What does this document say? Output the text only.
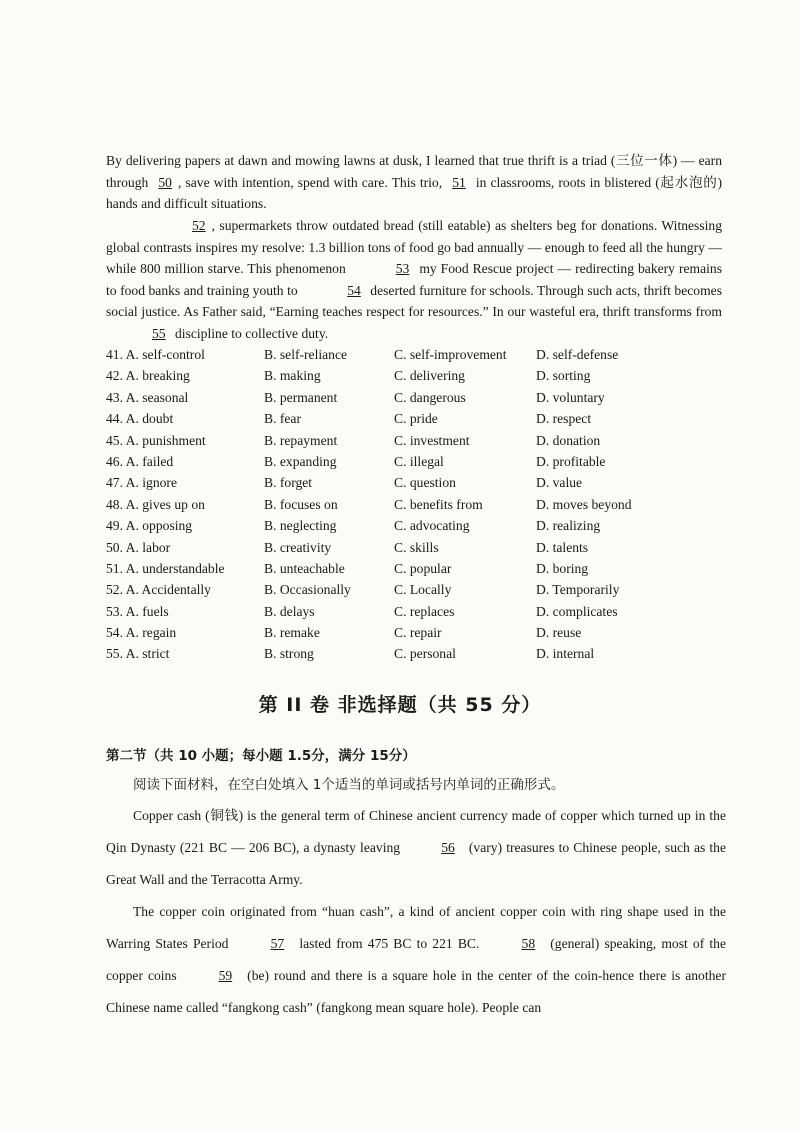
By delivering papers at dawn and mowing lawns at dusk, I learned that true thrift is a triad (三位一体) — earn through 50 , save with intention, spend with care. This trio, 51 in classrooms, roots in blistered (起水泡的) hands and difficult situations.
52 , supermarkets throw outdated bread (still eatable) as shelters beg for donations. Witnessing global contrasts inspires my resolve: 1.3 billion tons of food go bad annually — enough to feed all the hungry — while 800 million starve. This phenomenon	53 my Food Rescue project — redirecting bakery remains to food banks and training youth to	54 deserted furniture for schools. Through such acts, thrift becomes social justice. As Father said, “Earning teaches respect for resources.” In our wasteful era, thrift transforms from 55 discipline to collective duty.
41. A. self-control	B. self-reliance	C. self-improvement D. self-defense
42. A. breaking	B. making	C. delivering	D. sorting
43. A. seasonal	B. permanent	C. dangerous	D. voluntary
44. A. doubt	B. fear	C. pride	D. respect
45. A. punishment	B. repayment	C. investment	D. donation
46. A. failed	B. expanding	C. illegal	D. profitable
47. A. ignore	B. forget	C. question	D. value
48. A. gives up on	B. focuses on	C. benefits from	D. moves beyond
49. A. opposing	B. neglecting	C. advocating	D. realizing
50. A. labor	B. creativity	C. skills	D. talents
51. A. understandable	B. unteachable	C. popular	D. boring
52. A. Accidentally	B. Occasionally	C. Locally	D. Temporarily
53. A. fuels	B. delays	C. replaces	D. complicates
54. A. regain	B. remake	C. repair	D. reuse
55. A. strict	B. strong	C. personal	D. internal
第 II 卷 非选择题（共 55 分）
第二节（共 10 小题；每小题 1.5分，满分 15分）
阅读下面材料，在空白处填入 1个适当的单词或括号内单词的正确形式。
Copper cash (铜钱) is the general term of Chinese ancient currency made of copper which turned up in the Qin Dynasty (221 BC — 206 BC), a dynasty leaving	56 (vary) treasures to Chinese people, such as the Great Wall and the Terracotta Army.
The copper coin originated from “huan cash”, a kind of ancient copper coin with ring shape used in the Warring States Period	57 lasted from 475 BC to 221 BC.	58 (general) speaking, most of the copper coins	59 (be) round and there is a square hole in the center of the coin-hence there is another Chinese name called “fangkong cash” (fangkong mean square hole). People can
